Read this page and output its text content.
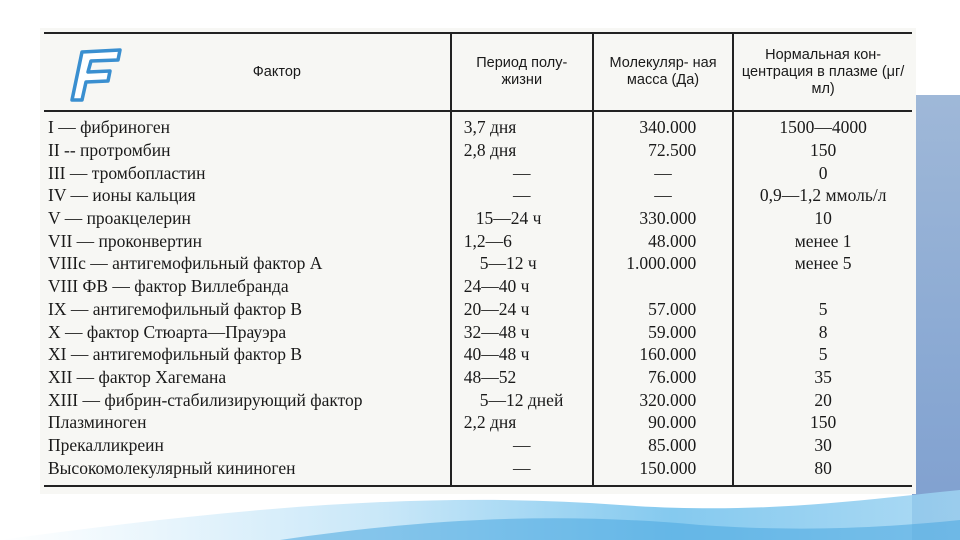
Фактор	Период полу- жизни	Молекуляр- ная масса (Да)	Нормальная кон- центрация в плазме (μг/мл)
I — фибриноген	3,7 дня	340.000	1500—4000
II -- протромбин	2,8 дня	72.500	150
III — тромбопластин	—	—	0
IV — ионы кальция	—	—	0,9—1,2 ммоль/л
V — проакцелерин	15—24 ч	330.000	10
VII — проконвертин	1,2—6	48.000	менее 1
VIIIc — антигемофильный фактор А	5—12 ч	1.000.000	менее 5
VIII ФВ — фактор Виллебранда	24—40 ч		
IX — антигемофильный фактор В	20—24 ч	57.000	5
X — фактор Стюарта—Прауэра	32—48 ч	59.000	8
XI — антигемофильный фактор В	40—48 ч	160.000	5
XII — фактор Хагемана	48—52	76.000	35
XIII — фибрин-стабилизирующий фактор	5—12 дней	320.000	20
Плазминоген	2,2 дня	90.000	150
Прекалликреин	—	85.000	30
Высокомолекулярный кининоген	—	150.000	80
